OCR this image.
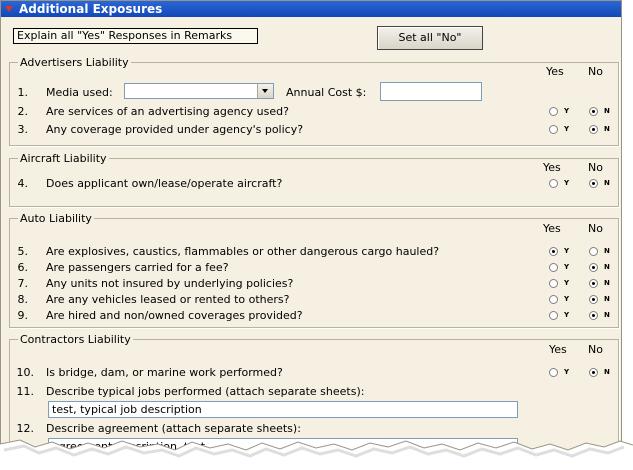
Additional Exposures
Explain all "Yes" Responses in Remarks	Set all "No"
Advertisers Liability
Yes No
1. Media used:	Annual Cost $:
2. Are services of an advertising agency used?	Y	N
3. Any coverage provided under agency's policy?	Y	N
Aircraft Liability
Yes No
4. Does applicant own/lease/operate aircraft?	Y	N
Auto Liability
Yes No
5. Are explosives, caustics, flammables or other dangerous cargo hauled?	Y	N
6. Are passengers carried for a fee?	Y	N
7. Any units not insured by underlying policies?	Y	N
8. Are any vehicles leased or rented to others?	Y	N
9. Are hired and non/owned coverages provided?	Y	N
Contractors Liability
Yes No
10. Is bridge, dam, or marine work performed?	Y	N
11. Describe typical jobs performed (attach separate sheets):
test, typical job description
12. Describe agreement (attach separate sheets):
